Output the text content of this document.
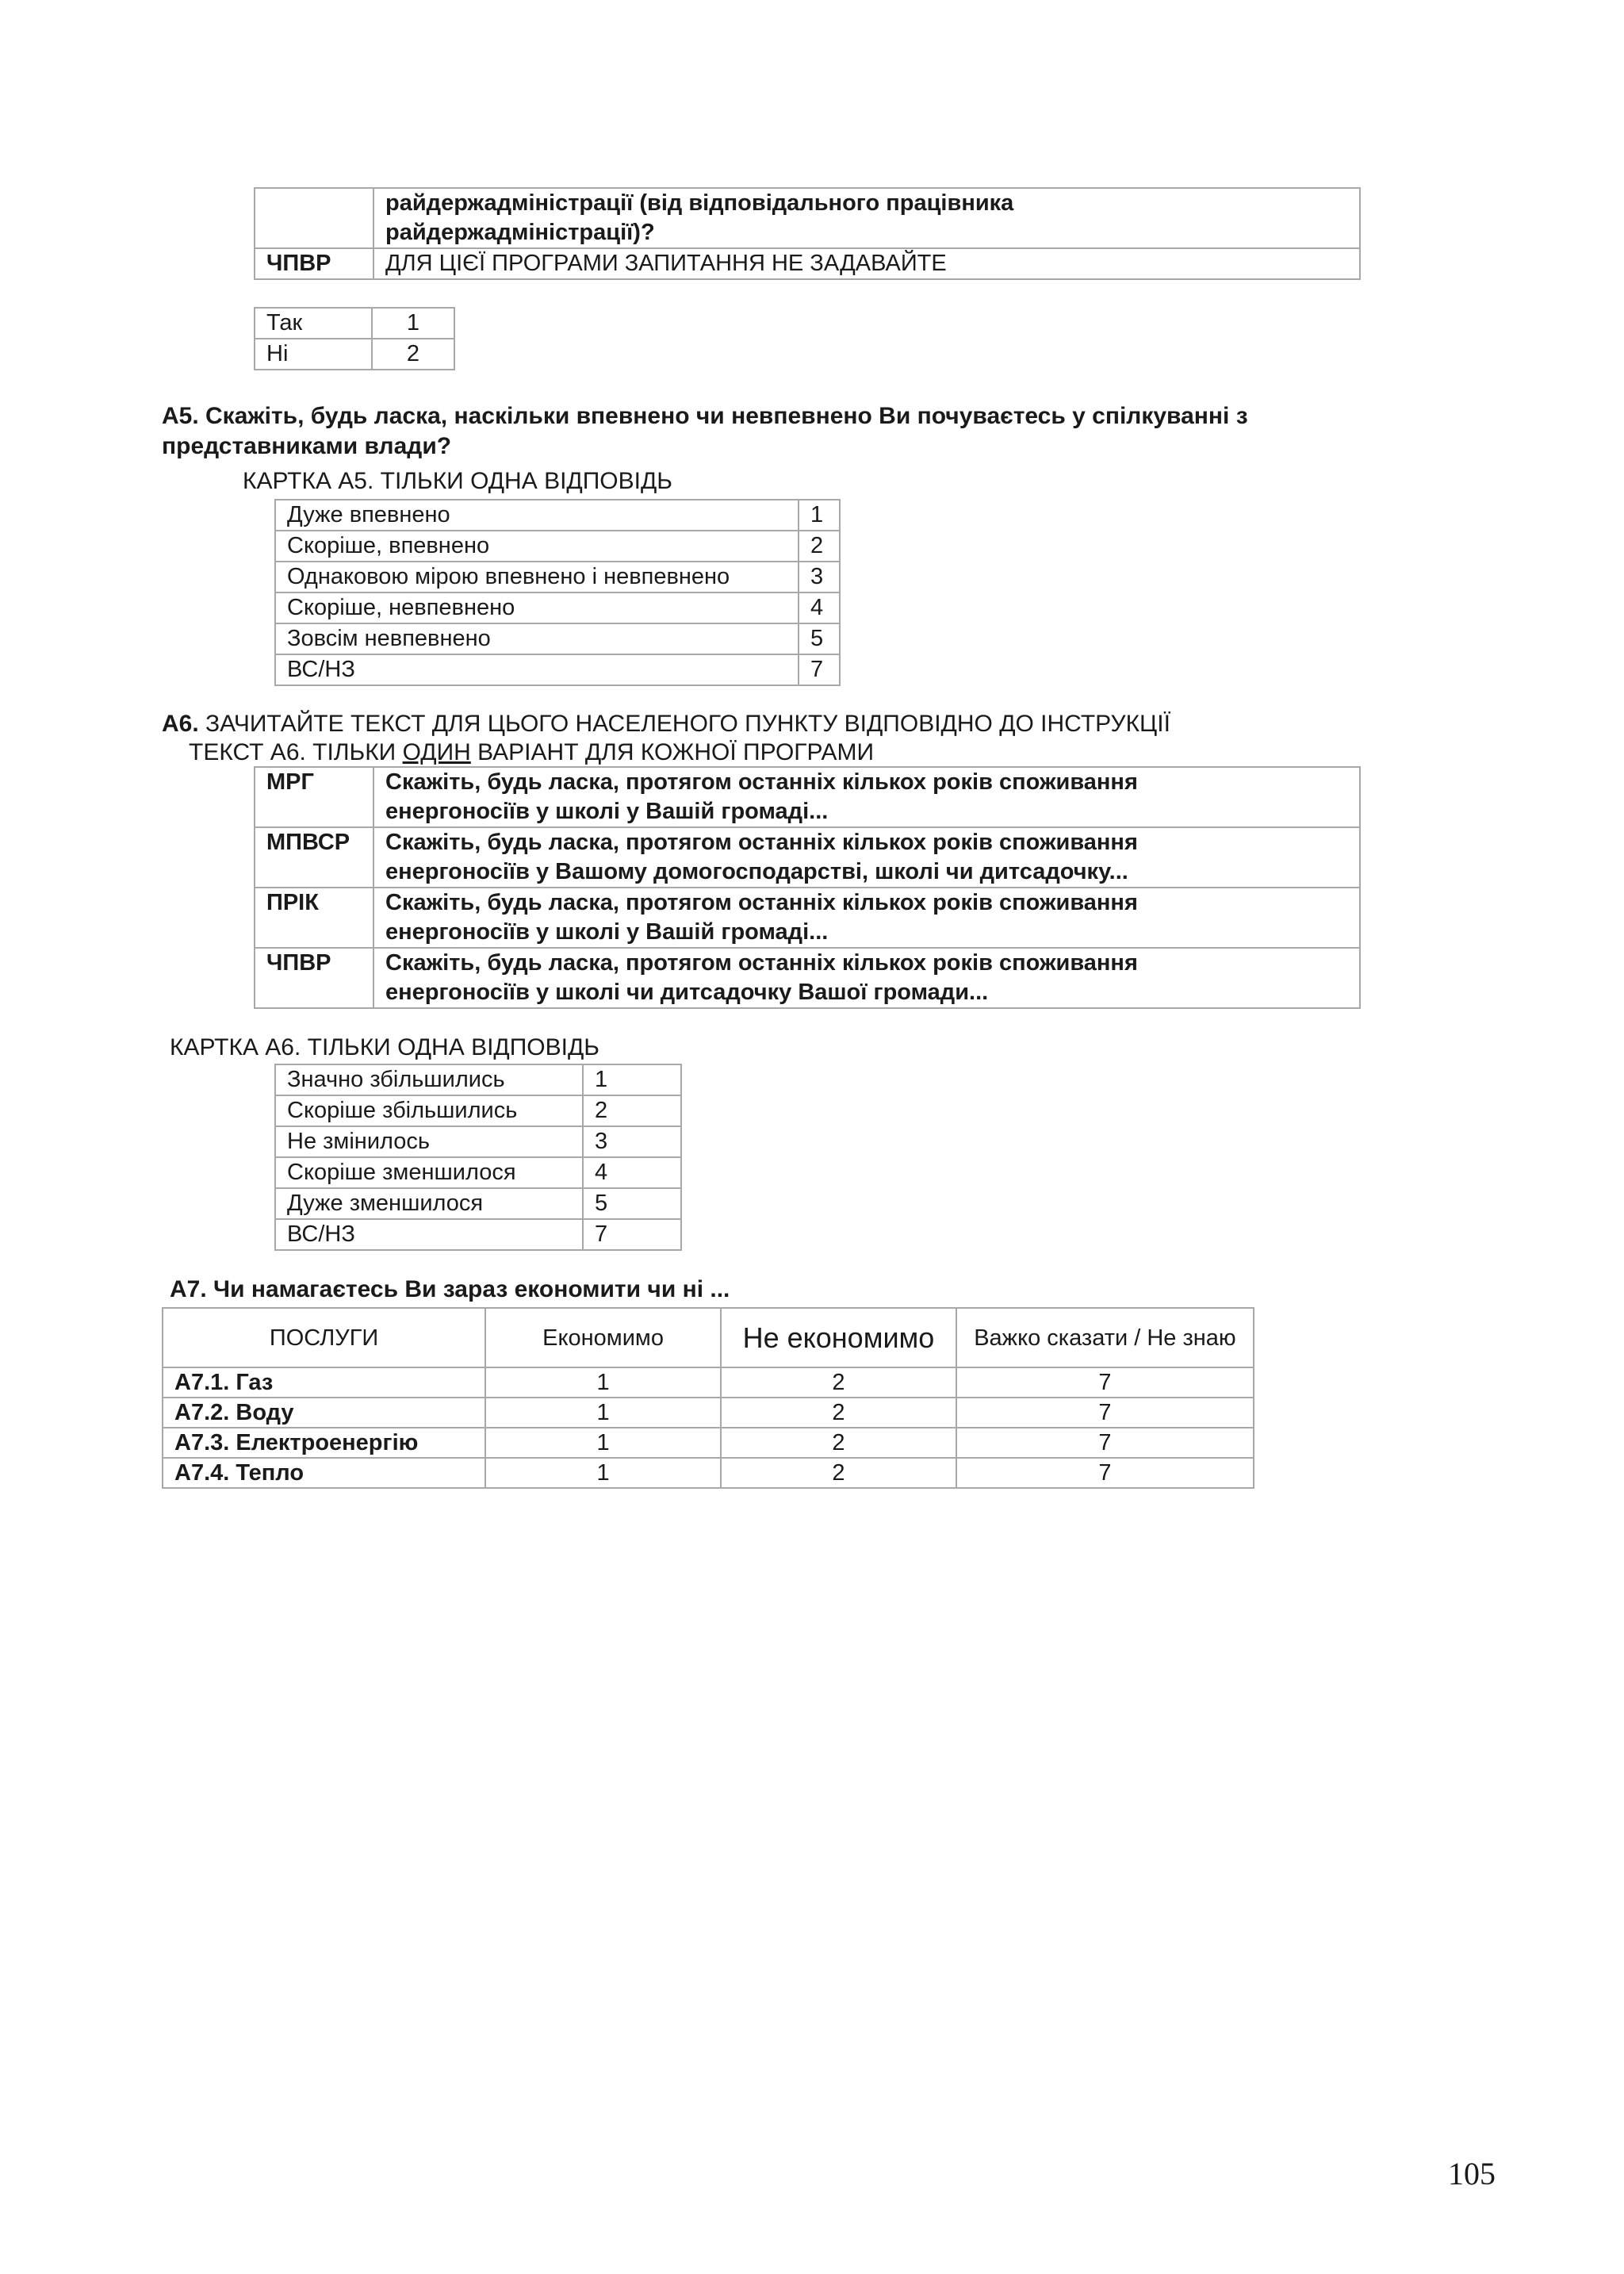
	райдержадміністрації (від відповідального працівника райдержадміністрації)?
ЧПВР	ДЛЯ ЦІЄЇ ПРОГРАМИ ЗАПИТАННЯ НЕ ЗАДАВАЙТЕ
Так	1
Ні	2

А5. Скажіть, будь ласка, наскільки впевнено чи невпевнено Ви почуваєтесь у спілкуванні з представниками влади?

КАРТКА А5. ТІЛЬКИ ОДНА ВІДПОВІДЬ

Дуже впевнено	1
Скоріше, впевнено	2
Однаковою мірою впевнено і невпевнено	3
Скоріше, невпевнено	4
Зовсім невпевнено	5
ВС/НЗ	7

А6. ЗАЧИТАЙТЕ ТЕКСТ ДЛЯ ЦЬОГО НАСЕЛЕНОГО ПУНКТУ ВІДПОВІДНО ДО ІНСТРУКЦІЇ

ТЕКСТ А6. ТІЛЬКИ ОДИН ВАРІАНТ ДЛЯ КОЖНОЇ ПРОГРАМИ

МРГ	Скажіть, будь ласка, протягом останніх кількох років споживання енергоносіїв у школі у Вашій громаді...
МПВСР	Скажіть, будь ласка, протягом останніх кількох років споживання енергоносіїв у Вашому домогосподарстві, школі чи дитсадочку...
ПРІК	Скажіть, будь ласка, протягом останніх кількох років споживання енергоносіїв у школі у Вашій громаді...
ЧПВР	Скажіть, будь ласка, протягом останніх кількох років споживання енергоносіїв у школі чи дитсадочку Вашої громади...

КАРТКА А6. ТІЛЬКИ ОДНА ВІДПОВІДЬ

Значно збільшились	1
Скоріше збільшились	2
Не змінилось	3
Скоріше зменшилося	4
Дуже зменшилося	5
ВС/НЗ	7

А7. Чи намагаєтесь Ви зараз економити чи ні ...

ПОСЛУГИ	Економимо	Не економимо	Важко сказати / Не знаю
А7.1. Газ	1	2	7
А7.2. Воду	1	2	7
А7.3. Електроенергію	1	2	7
А7.4. Тепло	1	2	7

105
